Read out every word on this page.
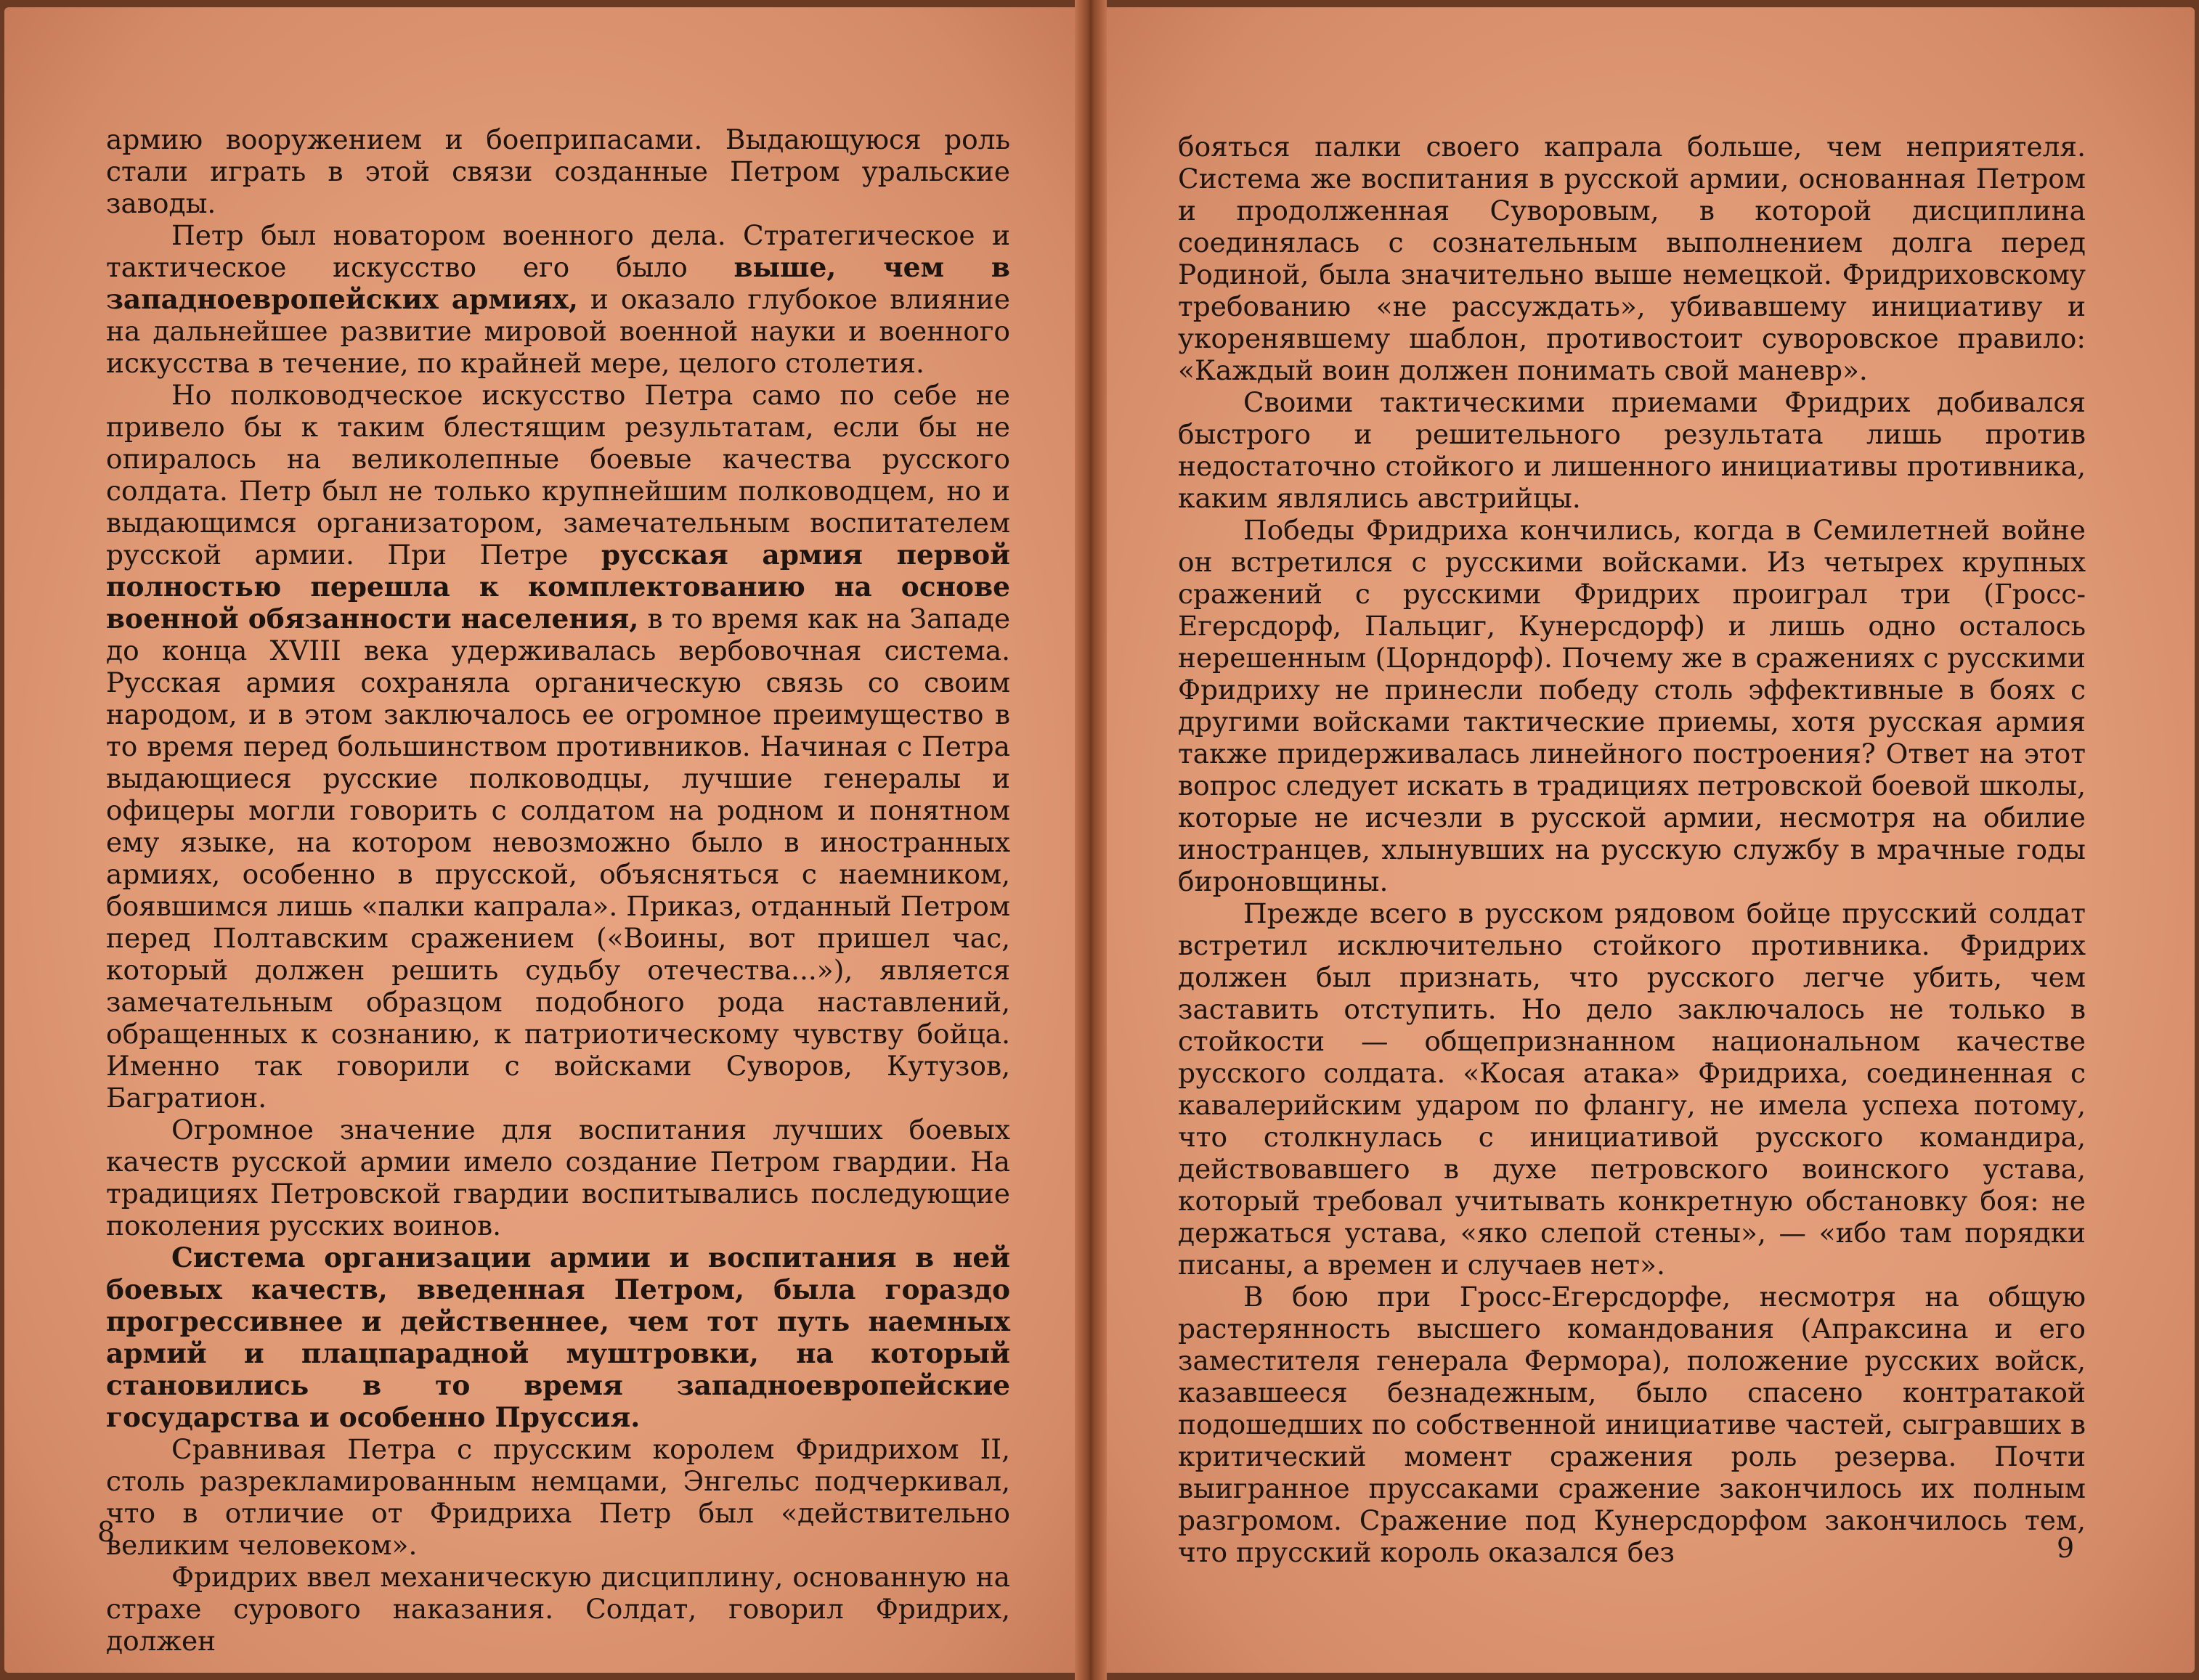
армию вооружением и боеприпасами. Выдающуюся роль стали играть в этой связи созданные Петром уральские заводы.

Петр был новатором военного дела. Стратегическое и тактическое искусство его было выше, чем в западноевропейских армиях, и оказало глубокое влияние на дальнейшее развитие мировой военной науки и военного искусства в течение, по крайней мере, целого столетия.

Но полководческое искусство Петра само по себе не привело бы к таким блестящим результатам, если бы не опиралось на великолепные боевые качества русского солдата. Петр был не только крупнейшим полководцем, но и выдающимся организатором, замечательным воспитателем русской армии. При Петре русская армия первой полностью перешла к комплектованию на основе военной обязанности населения, в то время как на Западе до конца XVIII века удерживалась вербовочная система. Русская армия сохраняла органическую связь со своим народом, и в этом заключалось ее огромное преимущество в то время перед большинством противников. Начиная с Петра выдающиеся русские полководцы, лучшие генералы и офицеры могли говорить с солдатом на родном и понятном ему языке, на котором невозможно было в иностранных армиях, особенно в прусской, объясняться с наемником, боявшимся лишь «палки капрала». Приказ, отданный Петром перед Полтавским сражением («Воины, вот пришел час, который должен решить судьбу отечества...»), является замечательным образцом подобного рода наставлений, обращенных к сознанию, к патриотическому чувству бойца. Именно так говорили с войсками Суворов, Кутузов, Багратион.

Огромное значение для воспитания лучших боевых качеств русской армии имело создание Петром гвардии. На традициях Петровской гвардии воспитывались последующие поколения русских воинов.

Система организации армии и воспитания в ней боевых качеств, введенная Петром, была гораздо прогрессивнее и действеннее, чем тот путь наемных армий и плацпарадной муштровки, на который становились в то время западноевропейские государства и особенно Пруссия.

Сравнивая Петра с прусским королем Фридрихом II, столь разрекламированным немцами, Энгельс подчеркивал, что в отличие от Фридриха Петр был «действительно великим человеком».

Фридрих ввел механическую дисциплину, основанную на страхе сурового наказания. Солдат, говорил Фридрих, должен

8

бояться палки своего капрала больше, чем неприятеля. Система же воспитания в русской армии, основанная Петром и продолженная Суворовым, в которой дисциплина соединялась с сознательным выполнением долга перед Родиной, была значительно выше немецкой. Фридриховскому требованию «не рассуждать», убивавшему инициативу и укоренявшему шаблон, противостоит суворовское правило: «Каждый воин должен понимать свой маневр».

Своими тактическими приемами Фридрих добивался быстрого и решительного результата лишь против недостаточно стойкого и лишенного инициативы противника, каким являлись австрийцы.

Победы Фридриха кончились, когда в Семилетней войне он встретился с русскими войсками. Из четырех крупных сражений с русскими Фридрих проиграл три (Гросс-Егерсдорф, Пальциг, Кунерсдорф) и лишь одно осталось нерешенным (Цорндорф). Почему же в сражениях с русскими Фридриху не принесли победу столь эффективные в боях с другими войсками тактические приемы, хотя русская армия также придерживалась линейного построения? Ответ на этот вопрос следует искать в традициях петровской боевой школы, которые не исчезли в русской армии, несмотря на обилие иностранцев, хлынувших на русскую службу в мрачные годы бироновщины.

Прежде всего в русском рядовом бойце прусский солдат встретил исключительно стойкого противника. Фридрих должен был признать, что русского легче убить, чем заставить отступить. Но дело заключалось не только в стойкости — общепризнанном национальном качестве русского солдата. «Косая атака» Фридриха, соединенная с кавалерийским ударом по флангу, не имела успеха потому, что столкнулась с инициативой русского командира, действовавшего в духе петровского воинского устава, который требовал учитывать конкретную обстановку боя: не держаться устава, «яко слепой стены», — «ибо там порядки писаны, а времен и случаев нет».

В бою при Гросс-Егерсдорфе, несмотря на общую растерянность высшего командования (Апраксина и его заместителя генерала Фермора), положение русских войск, казавшееся безнадежным, было спасено контратакой подошедших по собственной инициативе частей, сыгравших в критический момент сражения роль резерва. Почти выигранное пруссаками сражение закончилось их полным разгромом. Сражение под Кунерсдорфом закончилось тем, что прусский король оказался без	9
